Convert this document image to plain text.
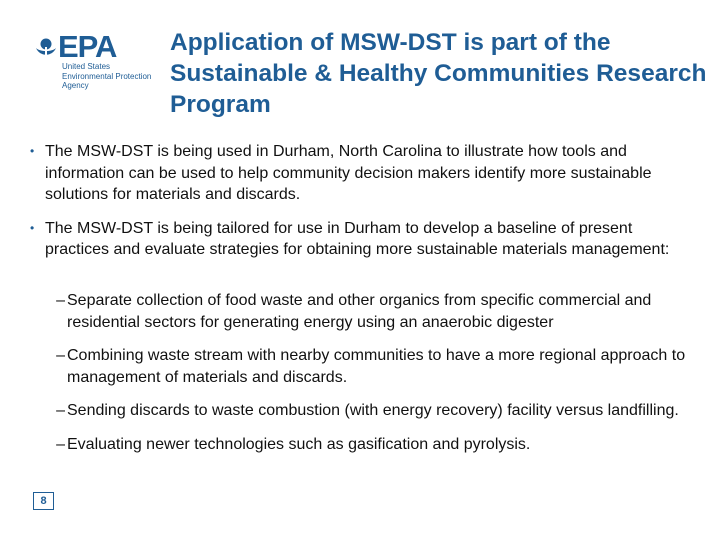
EPA
United States
Environmental Protection
Agency
Application of MSW-DST is part of the Sustainable & Healthy Communities Research Program
• The MSW-DST is being used in Durham, North Carolina to illustrate how tools and information can be used to help community decision makers identify more sustainable solutions for materials and discards.
• The MSW-DST is being tailored for use in Durham to develop a baseline of present practices and evaluate strategies for obtaining more sustainable materials management:
– Separate collection of food waste and other organics from specific commercial and residential sectors for generating energy using an anaerobic digester
– Combining waste stream with nearby communities to have a more regional approach to management of materials and discards.
– Sending discards to waste combustion (with energy recovery) facility versus landfilling.
– Evaluating newer technologies such as gasification and pyrolysis.
8
